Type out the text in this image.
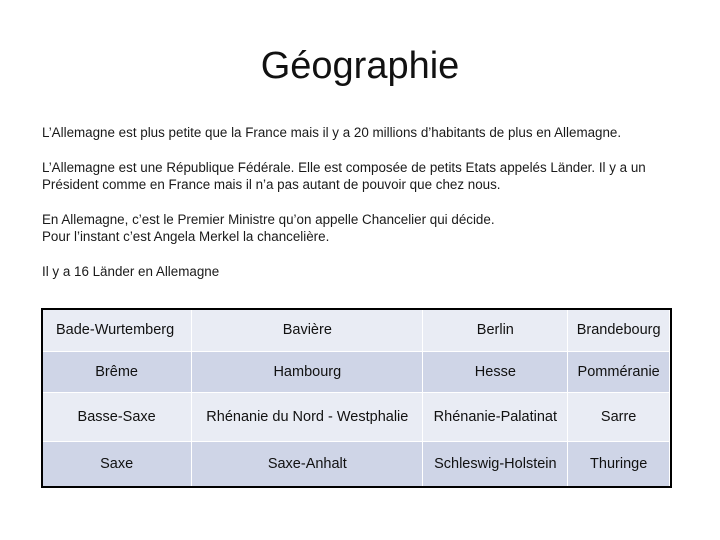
Géographie

L’Allemagne est plus petite que la France mais il y a 20 millions d’habitants de plus en Allemagne.

L’Allemagne est une République Fédérale. Elle est composée de petits Etats appelés Länder. Il y a un

Président comme en France mais il n’a pas autant de pouvoir que chez nous.

En Allemagne, c’est le Premier Ministre qu’on appelle Chancelier qui décide.

Pour l’instant c’est Angela Merkel la chancelière.

Il y a 16 Länder en Allemagne

Bade-Wurtemberg	Bavière	Berlin	Brandebourg
Brême	Hambourg	Hesse	Pomméranie
Basse-Saxe	Rhénanie du Nord - Westphalie	Rhénanie-Palatinat	Sarre
Saxe	Saxe-Anhalt	Schleswig-Holstein	Thuringe
